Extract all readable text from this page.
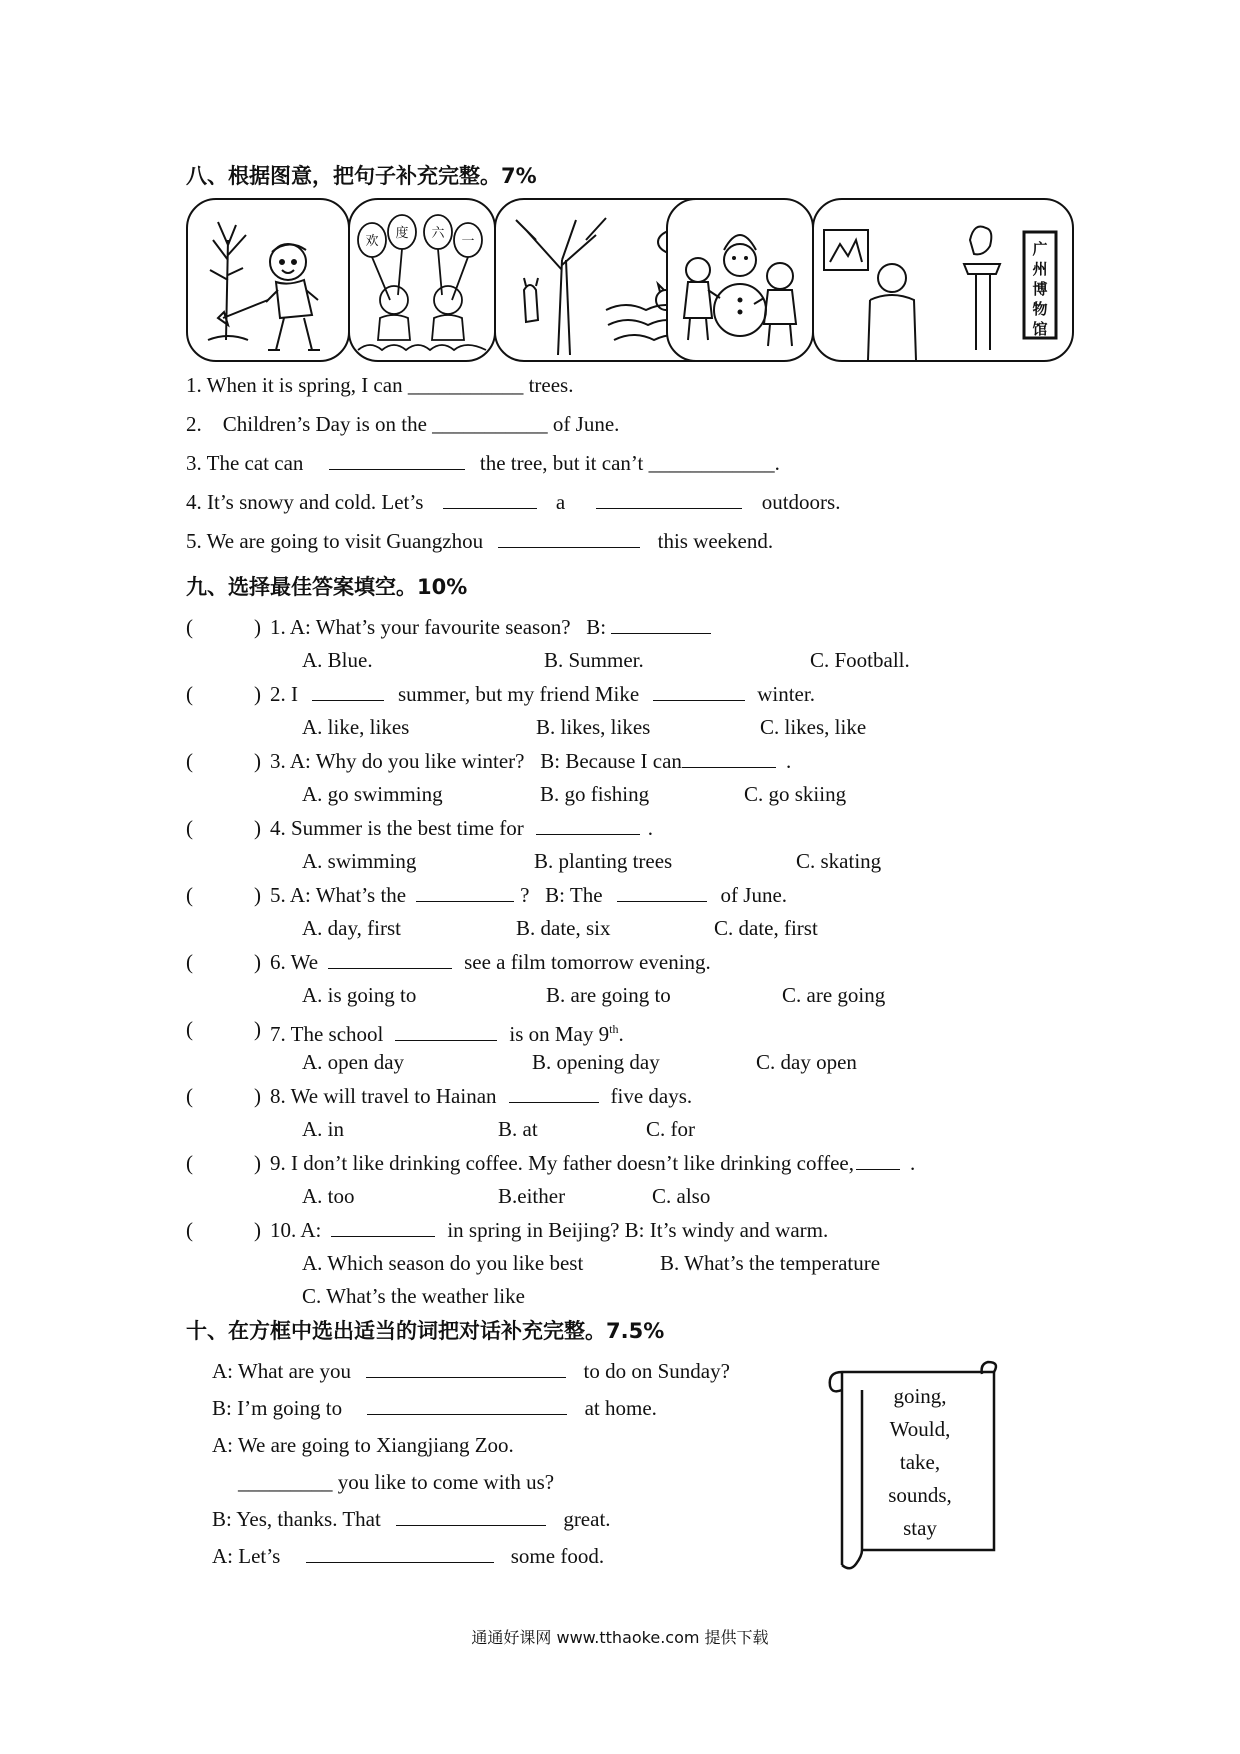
八、根据图意，把句子补充完整。7%
欢
度 六
一	广州博物馆
1. When it is spring, I can ___________ trees.
2.    Children’s Day is on the ___________ of June.
3. The cat can	the tree, but it can’t ____________.
4. It’s snowy and cold. Let’s	a	outdoors.
5. We are going to visit Guangzhou	this weekend.
九、选择最佳答案填空。10%
(	) 1. A: What’s your favourite season?   B:
A. Blue.	B. Summer.	C. Football.
(	) 2. I	summer, but my friend Mike	winter.
A. like, likes	B. likes, likes	C. likes, like
(	) 3. A: Why do you like winter?   B: Because I can	.
A. go swimming	B. go fishing	C. go skiing
(	) 4. Summer is the best time for	.
A. swimming	B. planting trees	C. skating
(	) 5. A: What’s the	?   B: The	of June.
A. day, first	B. date, six	C. date, first
(	) 6. We	see a film tomorrow evening.
A. is going to	B. are going to	C. are going
(	) 7. The school	is on May 9th.
A. open day	B. opening day	C. day open
(	) 8. We will travel to Hainan	five days.
A. in	B. at	C. for
(	) 9. I don’t like drinking coffee. My father doesn’t like drinking coffee,	.
A. too	B.either	C. also
(	) 10. A:	in spring in Beijing? B: It’s windy and warm.
A. Which season do you like best	B. What’s the temperature
C. What’s the weather like
十、在方框中选出适当的词把对话补充完整。7.5%
A: What are you	to do on Sunday?
B: I’m going to	at home.
A: We are going to Xiangjiang Zoo.
_________ you like to come with us?
B: Yes, thanks. That	great.
A: Let’s	some food.
going,
Would,
take,
sounds,
stay
通通好课网 www.tthaoke.com 提供下载
